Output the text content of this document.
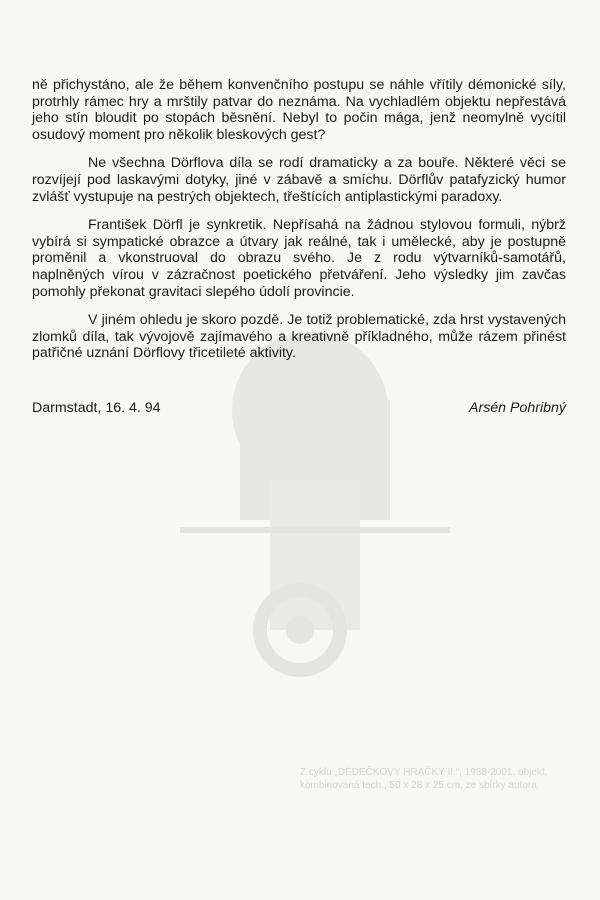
ně přichystáno, ale že během konvenčního postupu se náhle vřítily démonické síly, protrhly rámec hry a mrštily patvar do neznáma. Na vychladlém objektu nepřestává jeho stín bloudit po stopách běsnění. Nebyl to počin mága, jenž neomylně vycítil osudový moment pro několik bleskových gest?

Ne všechna Dörflova díla se rodí dramaticky a za bouře. Některé věci se rozvíjejí pod laskavými dotyky, jiné v zábavě a smíchu. Dörflův patafyzický humor zvlášť vystupuje na pestrých objektech, třeštících antiplastickými paradoxy.

František Dörfl je synkretik. Nepřísahá na žádnou stylovou formuli, nýbrž vybírá si sympatické obrazce a útvary jak reálné, tak i umělecké, aby je postupně proměnil a vkonstruoval do obrazu svého. Je z rodu výtvarníků-samotářů, naplněných vírou v zázračnost poetického přetváření. Jeho výsledky jim zavčas pomohly překonat gravitaci slepého údolí provincie.

V jiném ohledu je skoro pozdě. Je totiž problematické, zda hrst vystavených zlomků díla, tak vývojově zajímavého a kreativně příkladného, může rázem přinést patřičné uznání Dörflovy třicetileté aktivity.

Darmstadt, 16. 4. 94	Arsén Pohribný
Z cyklu „DÉDEČKOVY HRAČKY II.“, 1988-2001, objekt,
kombinovaná tech., 50 x 28 x 25 cm, ze sbírky autora
